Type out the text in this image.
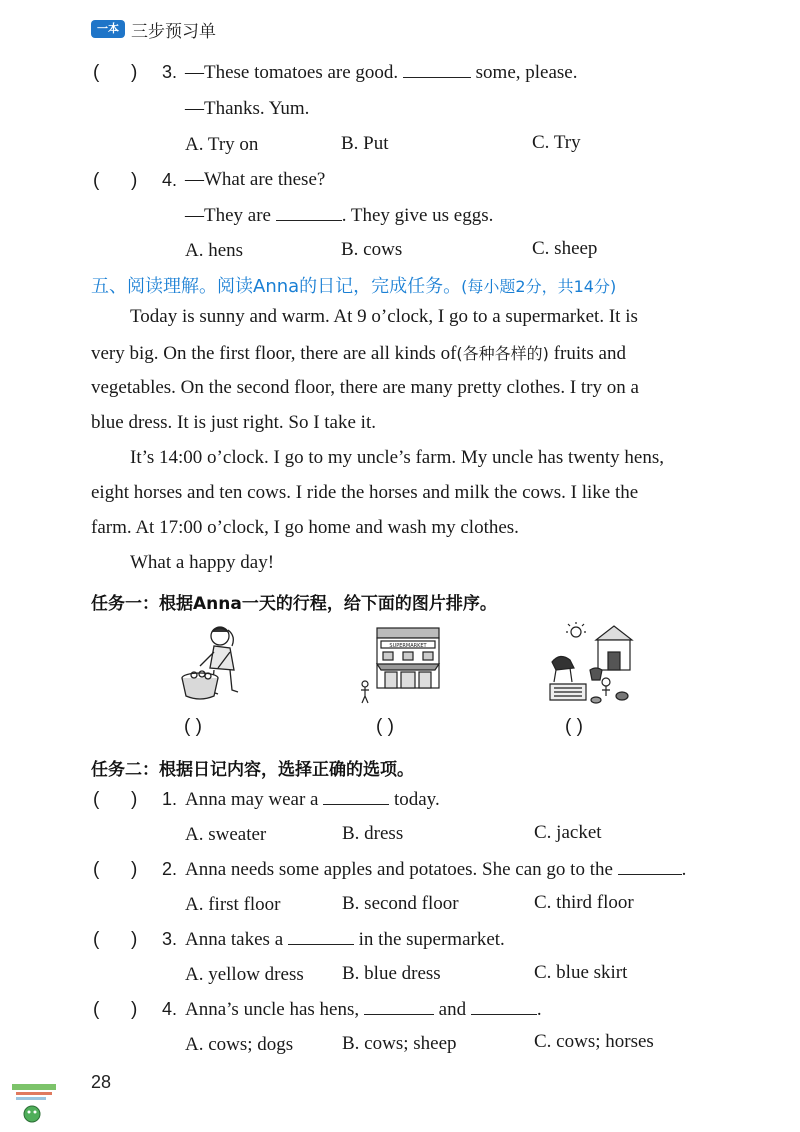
一本 三步预习单
(      ) 3. —These tomatoes are good.	some, please.
—Thanks. Yum.
A. Try on	B. Put	C. Try
(      ) 4. —What are these?
—They are	. They give us eggs.
A. hens	B. cows	C. sheep
五、阅读理解。阅读Anna的日记，完成任务。(每小题2分，共14分)
Today is sunny and warm. At 9 o’clock, I go to a supermarket. It is
very big. On the first floor, there are all kinds of(各种各样的) fruits and
vegetables. On the second floor, there are many pretty clothes. I try on a
blue dress. It is just right. So I take it.
It’s 14:00 o’clock. I go to my uncle’s farm. My uncle has twenty hens,
eight horses and ten cows. I ride the horses and milk the cows. I like the
farm. At 17:00 o’clock, I go home and wash my clothes.
What a happy day!
任务一：根据Anna一天的行程，给下面的图片排序。
SUPERMARKET
( )	( )	( )
任务二：根据日记内容，选择正确的选项。
(      ) 1. Anna may wear a	today.
A. sweater	B. dress	C. jacket
(      ) 2. Anna needs some apples and potatoes. She can go to the	.
A. first floor	B. second floor	C. third floor
(      ) 3. Anna takes a	in the supermarket.
A. yellow dress B. blue dress	C. blue skirt
(      ) 4. Anna’s uncle has hens,	and	.
A. cows; dogs	B. cows; sheep	C. cows; horses
28
